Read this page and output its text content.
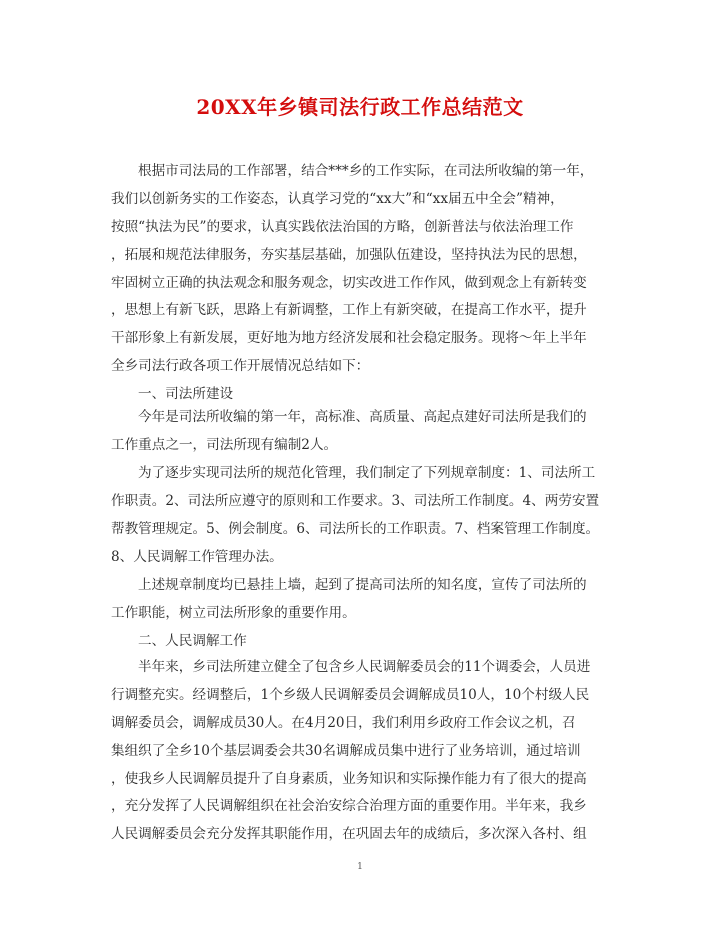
20XX年乡镇司法行政工作总结范文
根据市司法局的工作部署，结合***乡的工作实际，在司法所收编的第一年，
我们以创新务实的工作姿态，认真学习党的“xx大”和“xx届五中全会”精神，
按照“执法为民”的要求，认真实践依法治国的方略，创新普法与依法治理工作
，拓展和规范法律服务，夯实基层基础，加强队伍建设，坚持执法为民的思想，
牢固树立正确的执法观念和服务观念，切实改进工作作风，做到观念上有新转变
，思想上有新飞跃，思路上有新调整，工作上有新突破，在提高工作水平，提升
干部形象上有新发展，更好地为地方经济发展和社会稳定服务。现将～年上半年
全乡司法行政各项工作开展情况总结如下：
一、司法所建设
今年是司法所收编的第一年，高标准、高质量、高起点建好司法所是我们的
工作重点之一，司法所现有编制2人。
为了逐步实现司法所的规范化管理，我们制定了下列规章制度：1、司法所工
作职责。2、司法所应遵守的原则和工作要求。3、司法所工作制度。4、两劳安置
帮教管理规定。5、例会制度。6、司法所长的工作职责。7、档案管理工作制度。
8、人民调解工作管理办法。
上述规章制度均已悬挂上墙，起到了提高司法所的知名度，宣传了司法所的
工作职能，树立司法所形象的重要作用。
二、人民调解工作
半年来，乡司法所建立健全了包含乡人民调解委员会的11个调委会，人员进
行调整充实。经调整后，1个乡级人民调解委员会调解成员10人，10个村级人民
调解委员会，调解成员30人。在4月20日，我们利用乡政府工作会议之机，召
集组织了全乡10个基层调委会共30名调解成员集中进行了业务培训，通过培训
，使我乡人民调解员提升了自身素质，业务知识和实际操作能力有了很大的提高
，充分发挥了人民调解组织在社会治安综合治理方面的重要作用。半年来，我乡
人民调解委员会充分发挥其职能作用，在巩固去年的成绩后，多次深入各村、组
1
